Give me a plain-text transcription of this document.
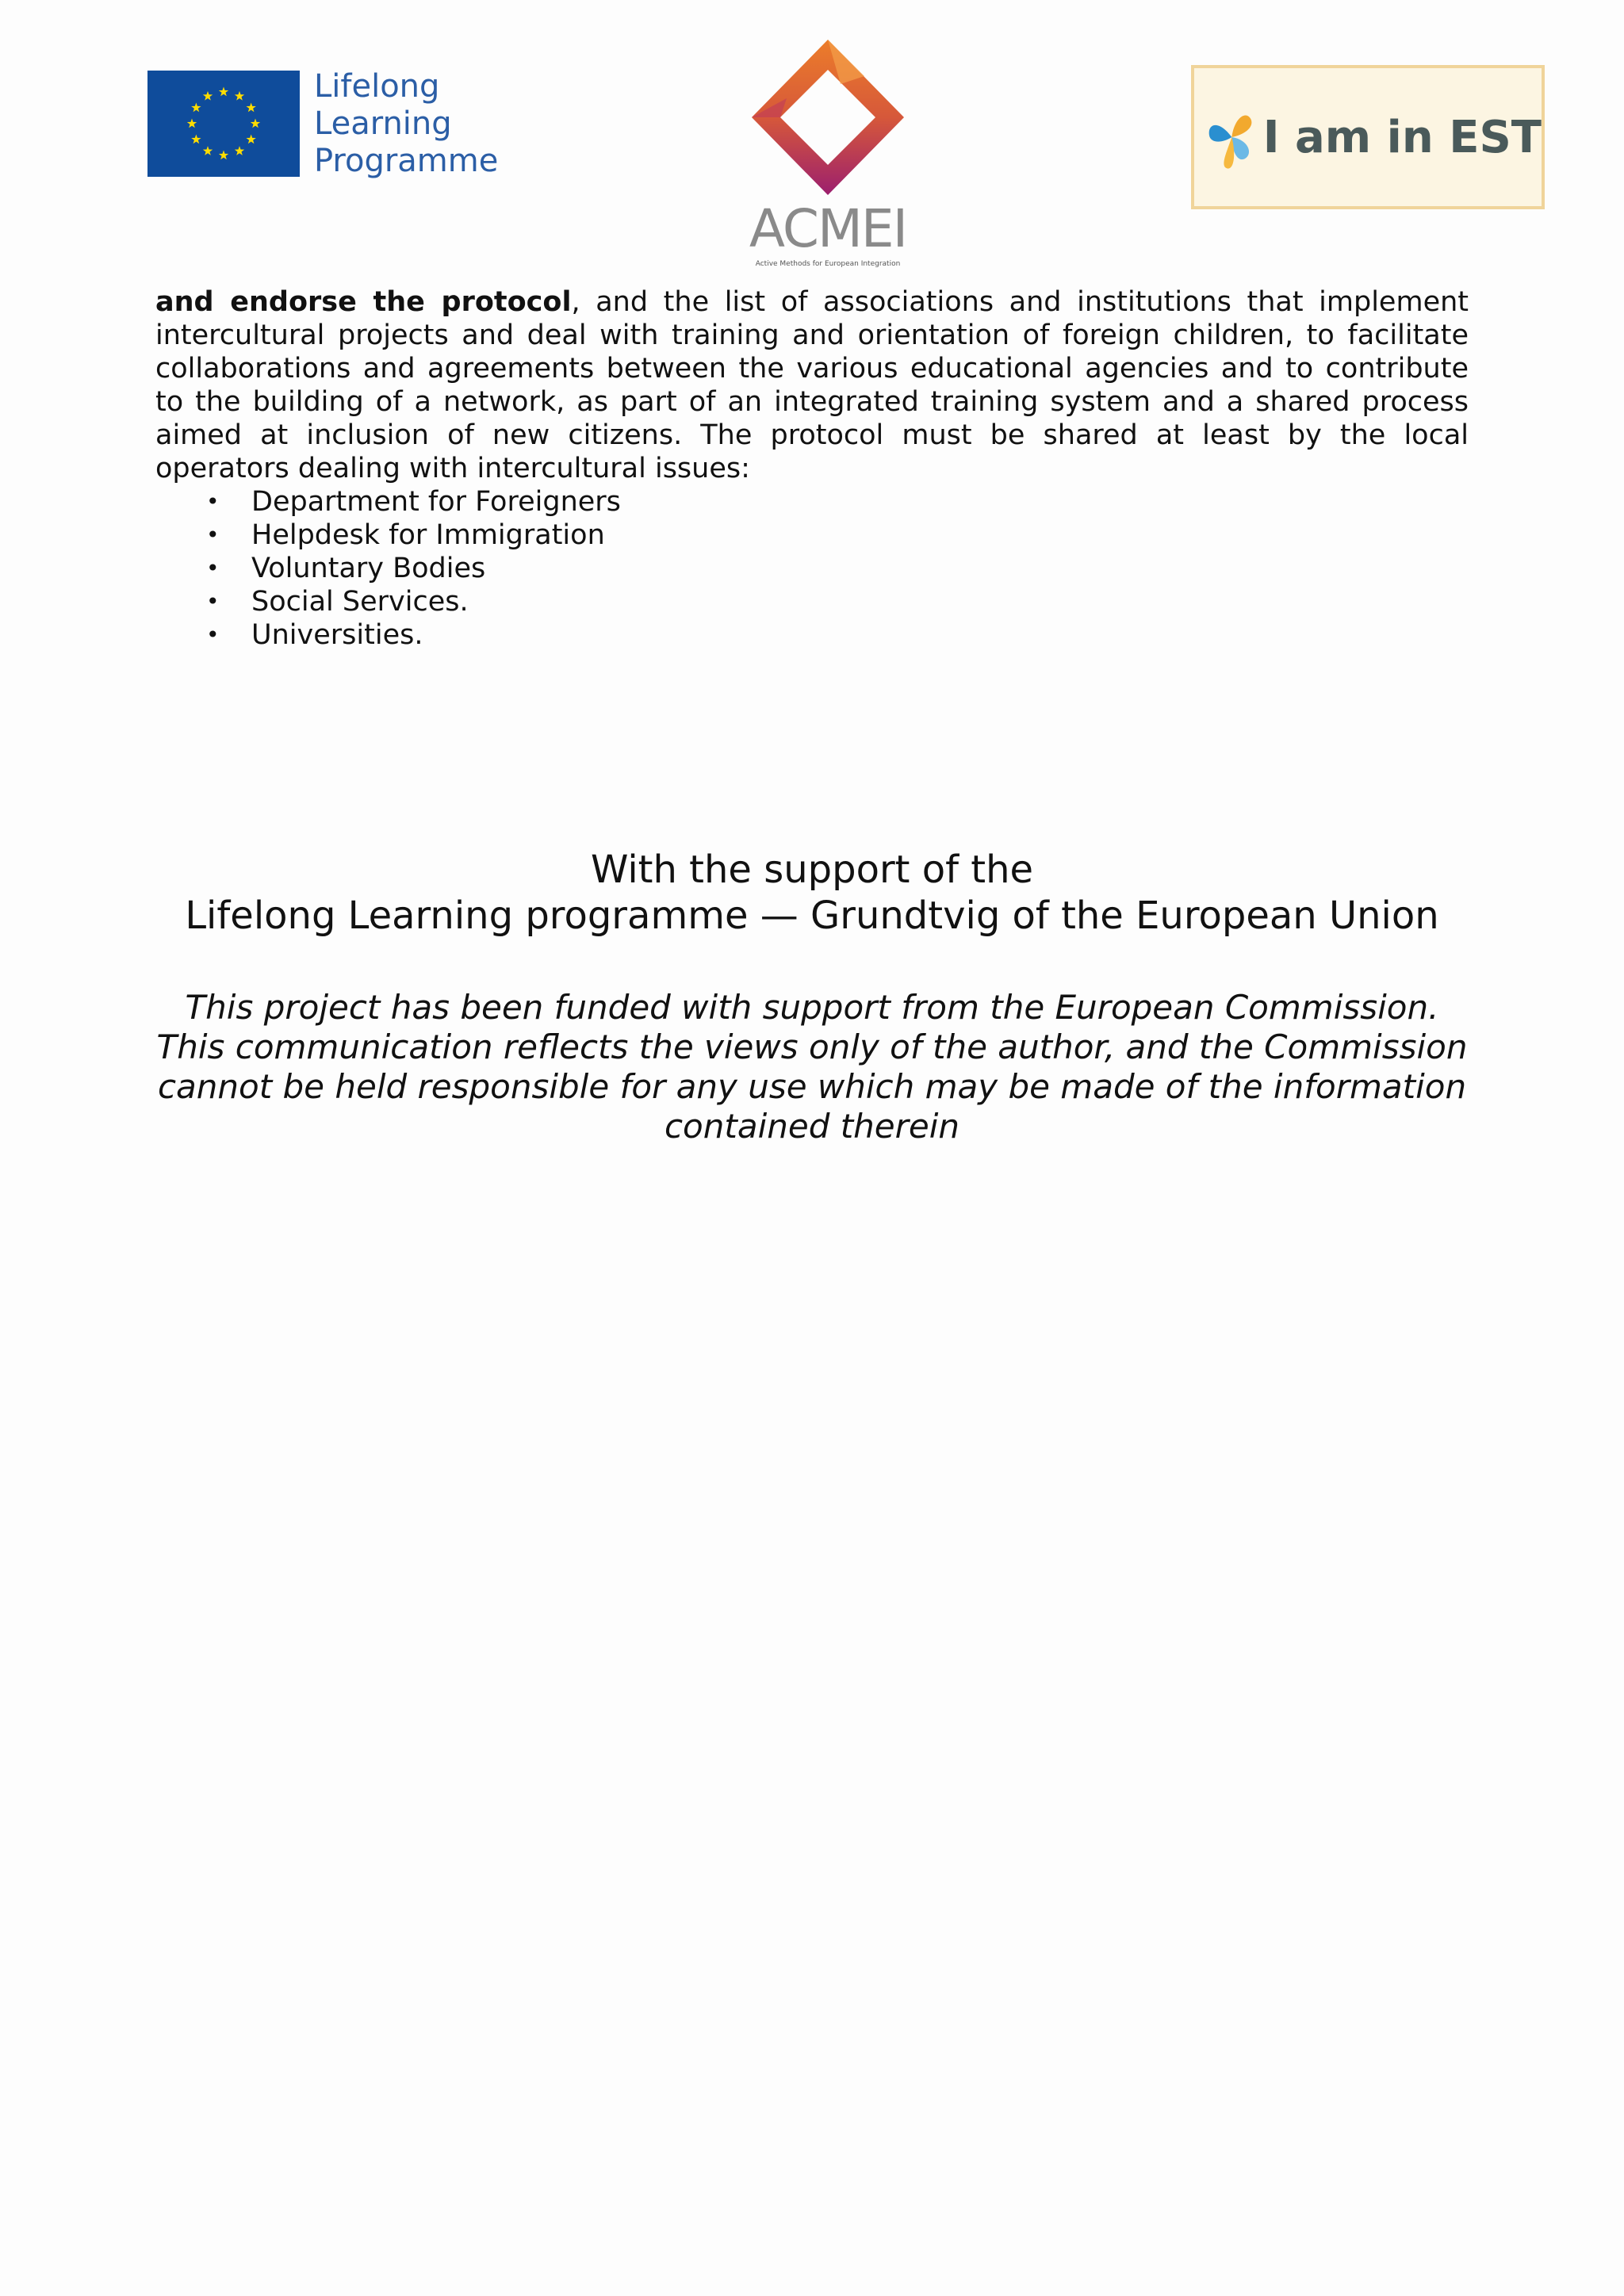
Lifelong
Learning
Programme
ACMEI
Active Methods for European Integration
I am in EST

and endorse the protocol, and the list of associations and institutions that implement intercultural projects and deal with training and orientation of foreign children, to facilitate collaborations and agreements between the various educational agencies and to contribute to the building of a network, as part of an integrated training system and a shared process aimed at inclusion of new citizens. The protocol must be shared at least by the local operators dealing with intercultural issues:

• Department for Foreigners
• Helpdesk for Immigration
• Voluntary Bodies
• Social Services.
• Universities.
With the support of the
Lifelong Learning programme — Grundtvig of the European Union
This project has been funded with support from the European Commission.
This communication reflects the views only of the author, and the Commission
cannot be held responsible for any use which may be made of the information
contained therein
